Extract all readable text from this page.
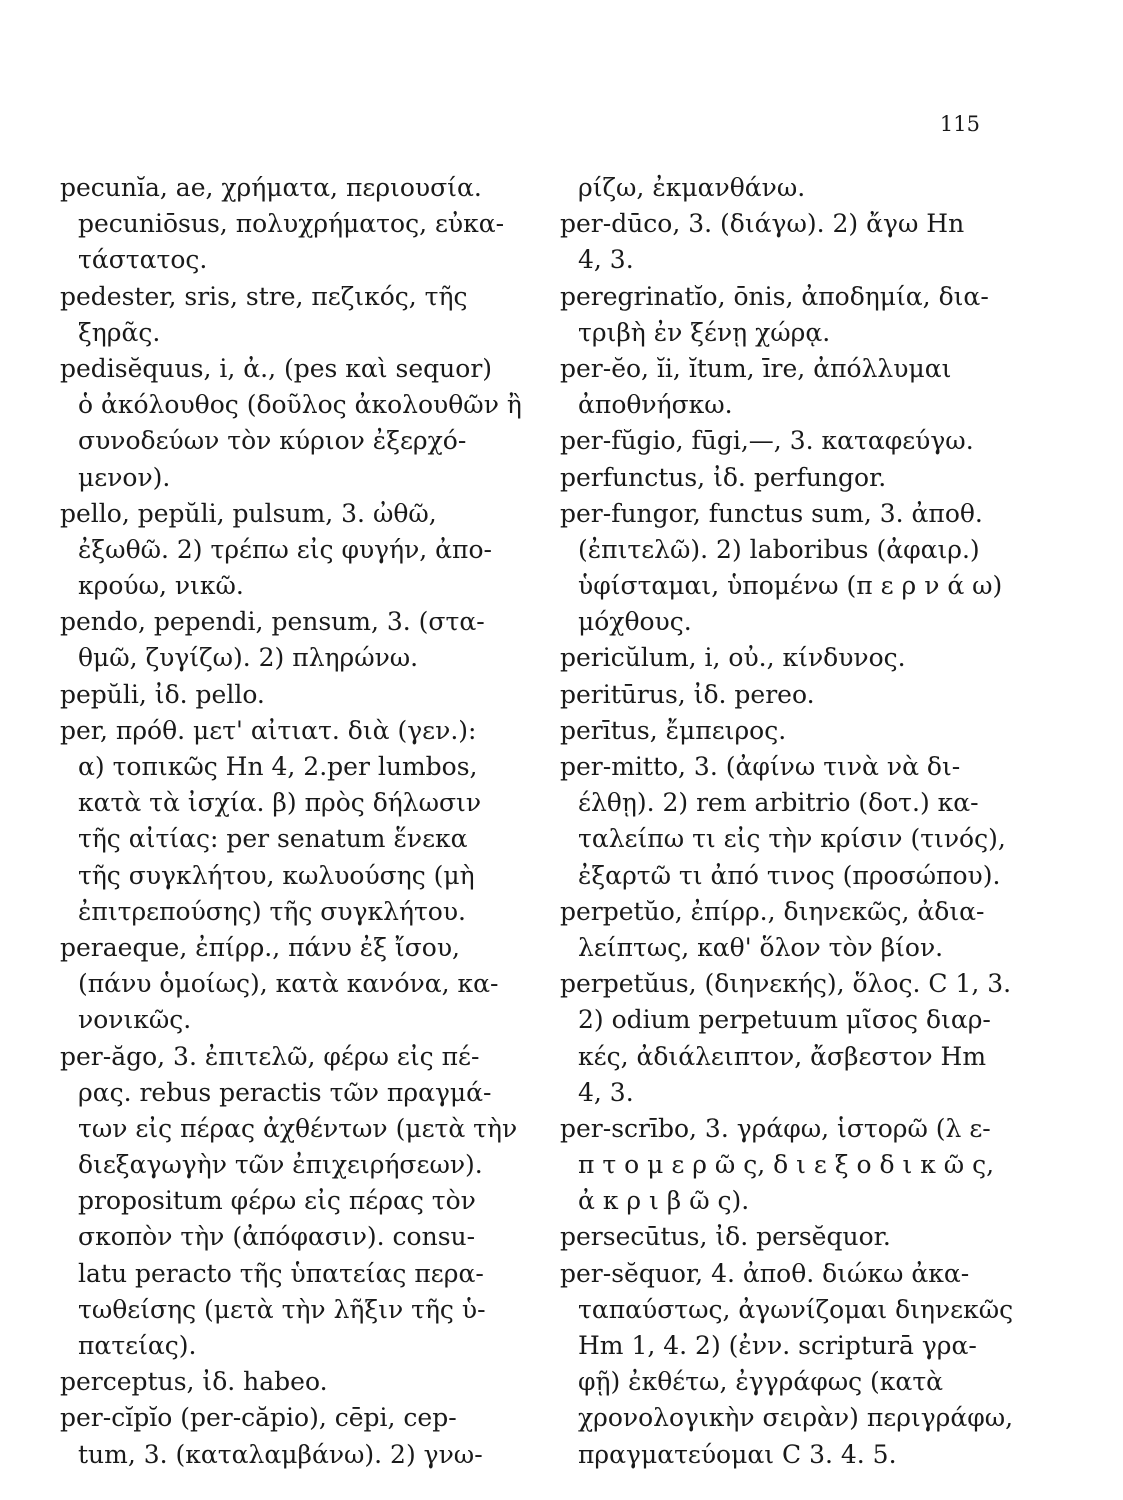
115
pecunĭa, ae, χρήματα, περιουσία.
pecuniōsus, πολυχρήματος, εὐκα-
τάστατος.
pedester, sris, stre, πεζικός, τῆς
ξηρᾶς.
pedisĕquus, i, ἀ., (pes καὶ sequor)
ὁ ἀκόλουθος (δοῦλος ἀκολουθῶν ἢ
συνοδεύων τὸν κύριον ἐξερχό-
μενον).
pello, pepŭli, pulsum, 3. ὠθῶ,
ἐξωθῶ. 2) τρέπω εἰς φυγήν, ἀπο-
κρούω, νικῶ.
pendo, pependi, pensum, 3. (στα-
θμῶ, ζυγίζω). 2) πληρώνω.
pepŭli, ἰδ. pello.
per, πρόθ. μετ' αἰτιατ. διὰ (γεν.):
α) τοπικῶς Hn 4, 2.per lumbos,
κατὰ τὰ ἰσχία. β) πρὸς δήλωσιν
τῆς αἰτίας: per senatum ἕνεκα
τῆς συγκλήτου, κωλυούσης (μὴ
ἐπιτρεπούσης) τῆς συγκλήτου.
peraeque, ἐπίρρ., πάνυ ἐξ ἴσου,
(πάνυ ὁμοίως), κατὰ κανόνα, κα-
νονικῶς.
per-ăgo, 3. ἐπιτελῶ, φέρω εἰς πέ-
ρας. rebus peractis τῶν πραγμά-
των εἰς πέρας ἀχθέντων (μετὰ τὴν
διεξαγωγὴν τῶν ἐπιχειρήσεων).
propositum φέρω εἰς πέρας τὸν
σκοπὸν τὴν (ἀπόφασιν). consu-
latu peracto τῆς ὑπατείας περα-
τωθείσης (μετὰ τὴν λῆξιν τῆς ὑ-
πατείας).
perceptus, ἰδ. habeo.
per-cĭpĭo (per-căpio), cēpi, cep-
tum, 3. (καταλαμβάνω). 2) γνω-
ρίζω, ἐκμανθάνω.
per-dūco, 3. (διάγω). 2) ἄγω Hn
4, 3.
peregrinatĭo, ōnis, ἀποδημία, δια-
τριβὴ ἐν ξένῃ χώρᾳ.
per-ĕo, ĭi, ĭtum, īre, ἀπόλλυμαι
ἀποθνήσκω.
per-fŭgio, fūgi,—, 3. καταφεύγω.
perfunctus, ἰδ. perfungor.
per-fungor, functus sum, 3. ἀποθ.
(ἐπιτελῶ). 2) laboribus (ἀφαιρ.)
ὑφίσταμαι, ὑπομένω (π ε ρ ν ά ω)
μόχθους.
pericŭlum, i, οὐ., κίνδυνος.
peritūrus, ἰδ. pereo.
perītus, ἔμπειρος.
per-mitto, 3. (ἀφίνω τινὰ νὰ δι-
έλθῃ). 2) rem arbitrio (δοτ.) κα-
ταλείπω τι εἰς τὴν κρίσιν (τινός),
ἐξαρτῶ τι ἀπό τινος (προσώπου).
perpetŭo, ἐπίρρ., διηνεκῶς, ἀδια-
λείπτως, καθ' ὅλον τὸν βίον.
perpetŭus, (διηνεκής), ὅλος. C 1, 3.
2) odium perpetuum μῖσος διαρ-
κές, ἀδιάλειπτον, ἄσβεστον Hm
4, 3.
per-scrībo, 3. γράφω, ἱστορῶ (λ ε-
π τ ο μ ε ρ ῶ ς, δ ι ε ξ ο δ ι κ ῶ ς,
ἀ κ ρ ι β ῶ ς).
persecūtus, ἰδ. persĕquor.
per-sĕquor, 4. ἀποθ. διώκω ἀκα-
ταπαύστως, ἀγωνίζομαι διηνεκῶς
Hm 1, 4. 2) (ἐνν. scripturā γρα-
φῇ) ἐκθέτω, ἐγγράφως (κατὰ
χρονολογικὴν σειρὰν) περιγράφω,
πραγματεύομαι C 3. 4. 5.
